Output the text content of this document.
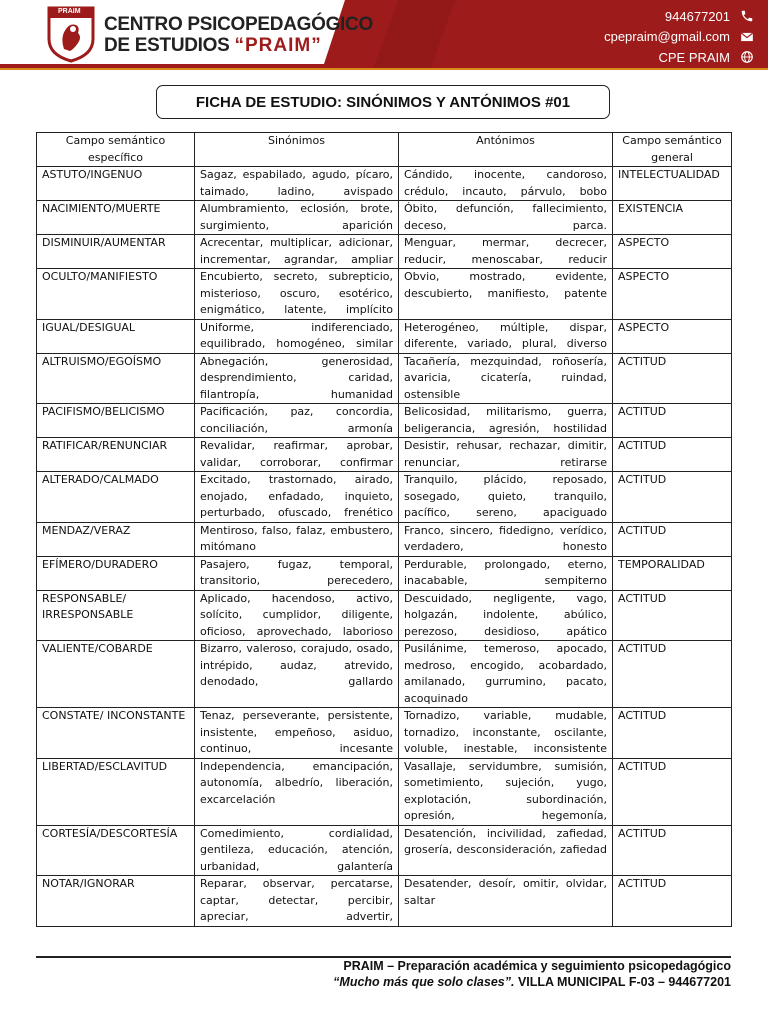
PRAIM
CENTRO PSICOPEDAGÓGICO
DE ESTUDIOS “PRAIM”
944677201
cpepraim@gmail.com
CPE PRAIM
FICHA DE ESTUDIO: SINÓNIMOS Y ANTÓNIMOS #01
Campo semántico específico	Sinónimos	Antónimos	Campo semántico general
ASTUTO/INGENUO	Sagaz, espabilado, agudo, pícaro, taimado, ladino, avispado	Cándido, inocente, candoroso, crédulo, incauto, párvulo, bobo	INTELECTUALIDAD
NACIMIENTO/MUERTE	Alumbramiento, eclosión, brote, surgimiento, aparición	Óbito, defunción, fallecimiento, deceso, parca.	EXISTENCIA
DISMINUIR/AUMENTAR	Acrecentar, multiplicar, adicionar, incrementar, agrandar, ampliar	Menguar, mermar, decrecer, reducir, menoscabar, reducir	ASPECTO
OCULTO/MANIFIESTO	Encubierto, secreto, subrepticio, misterioso, oscuro, esotérico, enigmático, latente, implícito	Obvio, mostrado, evidente, descubierto, manifiesto, patente	ASPECTO
IGUAL/DESIGUAL	Uniforme, indiferenciado, equilibrado, homogéneo, similar	Heterogéneo, múltiple, dispar, diferente, variado, plural, diverso	ASPECTO
ALTRUISMO/EGOÍSMO	Abnegación, generosidad, desprendimiento, caridad, filantropía, humanidad	Tacañería, mezquindad, roñosería, avaricia, cicatería, ruindad, ostensible	ACTITUD
PACIFISMO/BELICISMO	Pacificación, paz, concordia, conciliación, armonía	Belicosidad, militarismo, guerra, beligerancia, agresión, hostilidad	ACTITUD
RATIFICAR/RENUNCIAR	Revalidar, reafirmar, aprobar, validar, corroborar, confirmar	Desistir, rehusar, rechazar, dimitir, renunciar, retirarse	ACTITUD
ALTERADO/CALMADO	Excitado, trastornado, airado, enojado, enfadado, inquieto, perturbado, ofuscado, frenético	Tranquilo, plácido, reposado, sosegado, quieto, tranquilo, pacífico, sereno, apaciguado	ACTITUD
MENDAZ/VERAZ	Mentiroso, falso, falaz, embustero, mitómano	Franco, sincero, fidedigno, verídico, verdadero, honesto	ACTITUD
EFÍMERO/DURADERO	Pasajero, fugaz, temporal, transitorio, perecedero,	Perdurable, prolongado, eterno, inacabable, sempiterno	TEMPORALIDAD
RESPONSABLE/ IRRESPONSABLE	Aplicado, hacendoso, activo, solícito, cumplidor, diligente, oficioso, aprovechado, laborioso	Descuidado, negligente, vago, holgazán, indolente, abúlico, perezoso, desidioso, apático	ACTITUD
VALIENTE/COBARDE	Bizarro, valeroso, corajudo, osado, intrépido, audaz, atrevido, denodado, gallardo	Pusilánime, temeroso, apocado, medroso, encogido, acobardado, amilanado, gurrumino, pacato, acoquinado	ACTITUD
CONSTATE/ INCONSTANTE	Tenaz, perseverante, persistente, insistente, empeñoso, asiduo, continuo, incesante	Tornadizo, variable, mudable, tornadizo, inconstante, oscilante, voluble, inestable, inconsistente	ACTITUD
LIBERTAD/ESCLAVITUD	Independencia, emancipación, autonomía, albedrío, liberación, excarcelación	Vasallaje, servidumbre, sumisión, sometimiento, sujeción, yugo, explotación, subordinación, opresión, hegemonía,	ACTITUD
CORTESÍA/DESCORTESÍA	Comedimiento, cordialidad, gentileza, educación, atención, urbanidad, galantería	Desatención, incivilidad, zafiedad, grosería, desconsideración, zafiedad	ACTITUD
NOTAR/IGNORAR	Reparar, observar, percatarse, captar, detectar, percibir, apreciar, advertir,	Desatender, desoír, omitir, olvidar, saltar	ACTITUD
PRAIM – Preparación académica y seguimiento psicopedagógico
“Mucho más que solo clases”. VILLA MUNICIPAL F-03 – 944677201
